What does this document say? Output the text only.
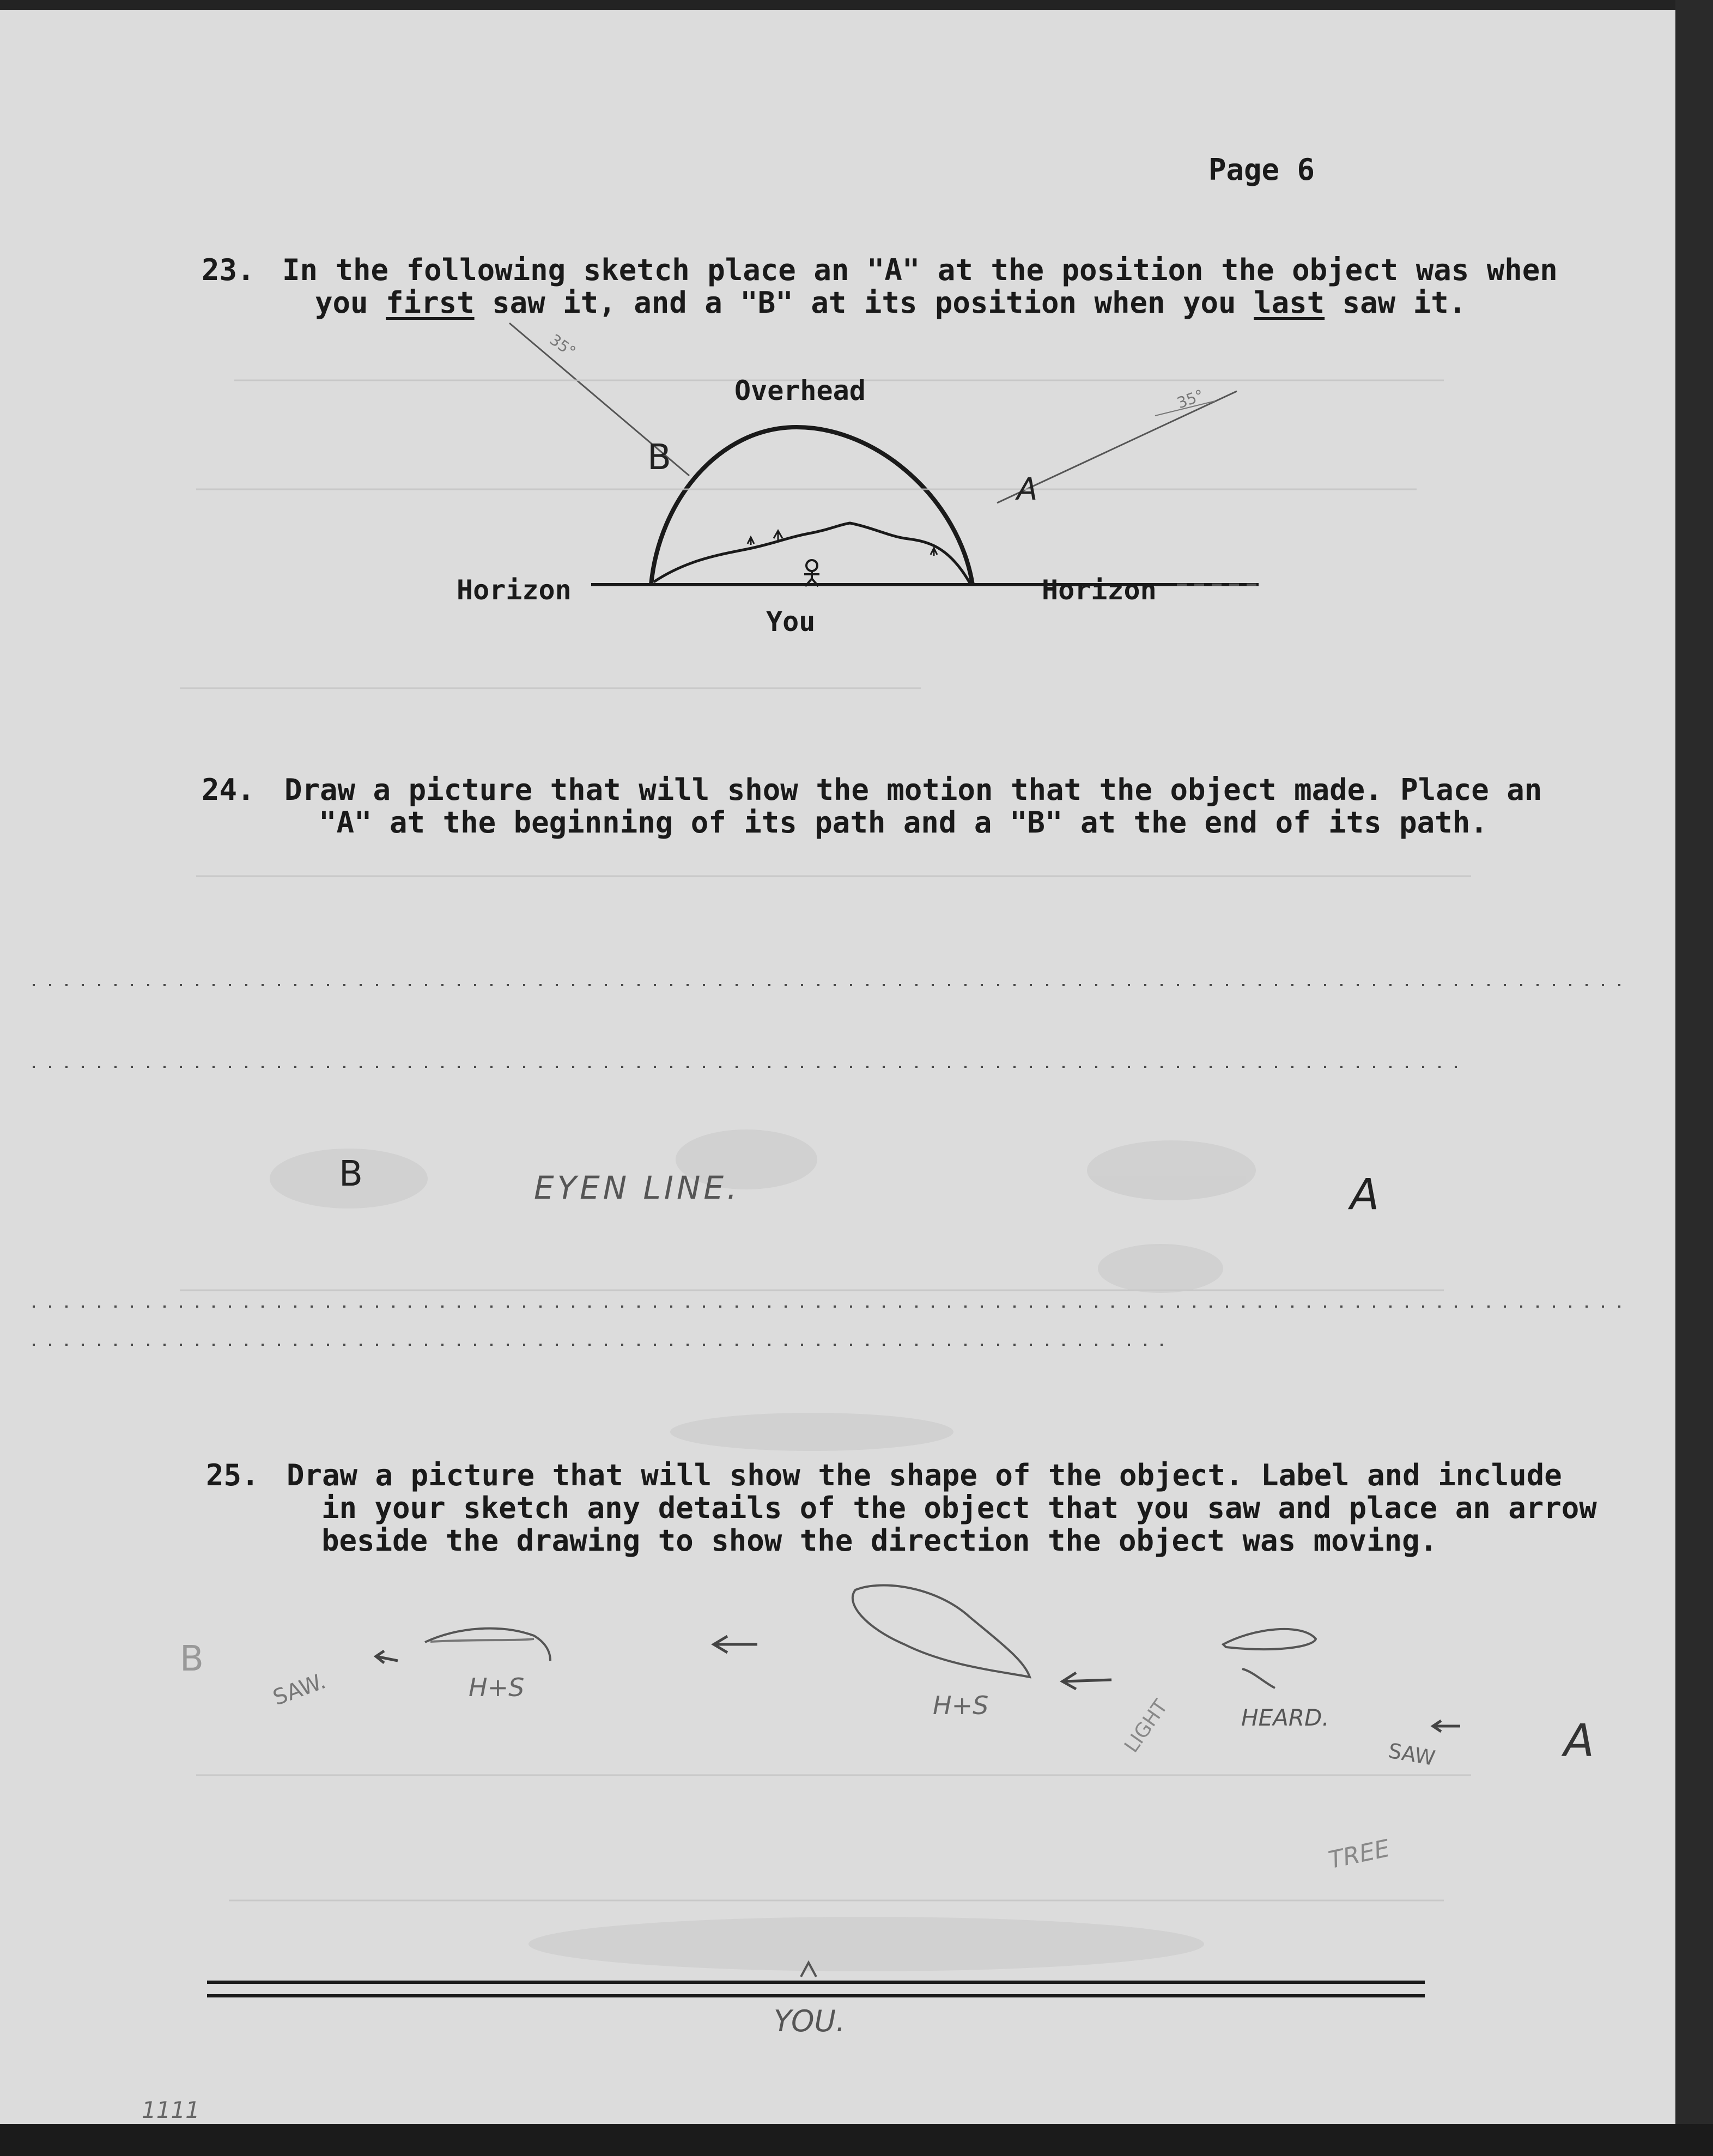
Page 6
23. In the following sketch place an "A" at the position the object was when
you first saw it, and a "B" at its position when you last saw it.
Overhead
Horizon	Horizon
You
B
A
35°
35°
24. Draw a picture that will show the motion that the object made. Place an
"A" at the beginning of its path and a "B" at the end of its path.
B	EYEN LINE.	A
25. Draw a picture that will show the shape of the object. Label and include
in your sketch any details of the object that you saw and place an arrow
beside the drawing to show the direction the object was moving.
B
SAW.	H+S
H+S	LIGHT	HEARD.
SAW	A
TREE
YOU.
1111
